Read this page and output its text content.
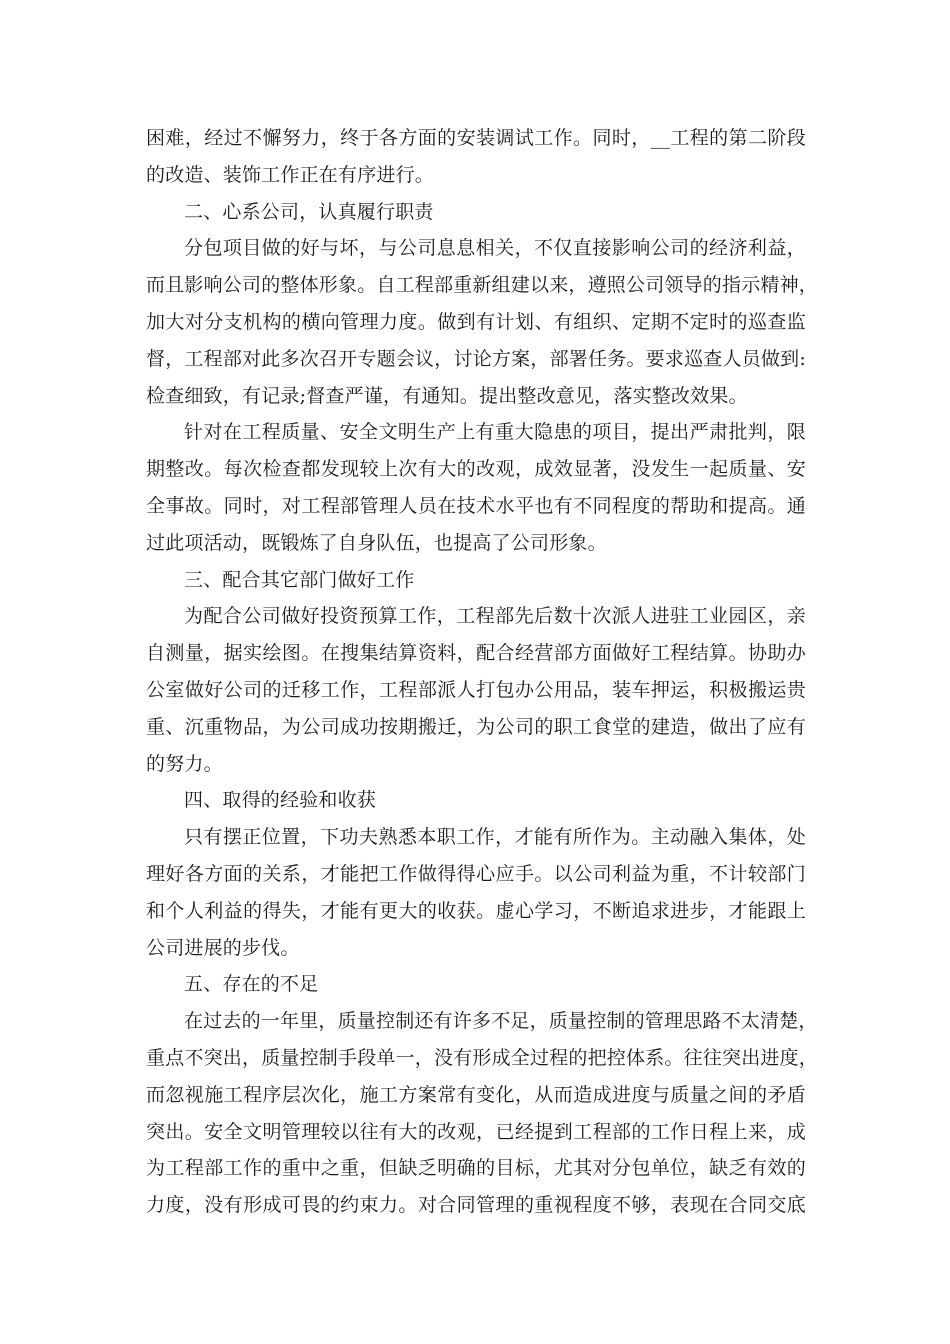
困难，经过不懈努力，终于各方面的安装调试工作。同时，__工程的第二阶段
的改造、装饰工作正在有序进行。
二、心系公司，认真履行职责
分包项目做的好与坏，与公司息息相关，不仅直接影响公司的经济利益，
而且影响公司的整体形象。自工程部重新组建以来，遵照公司领导的指示精神，
加大对分支机构的横向管理力度。做到有计划、有组织、定期不定时的巡查监
督，工程部对此多次召开专题会议，讨论方案，部署任务。要求巡查人员做到:
检查细致，有记录;督查严谨，有通知。提出整改意见，落实整改效果。
针对在工程质量、安全文明生产上有重大隐患的项目，提出严肃批判，限
期整改。每次检查都发现较上次有大的改观，成效显著，没发生一起质量、安
全事故。同时，对工程部管理人员在技术水平也有不同程度的帮助和提高。通
过此项活动，既锻炼了自身队伍，也提高了公司形象。
三、配合其它部门做好工作
为配合公司做好投资预算工作，工程部先后数十次派人进驻工业园区，亲
自测量，据实绘图。在搜集结算资料，配合经营部方面做好工程结算。协助办
公室做好公司的迁移工作，工程部派人打包办公用品，装车押运，积极搬运贵
重、沉重物品，为公司成功按期搬迁，为公司的职工食堂的建造，做出了应有
的努力。
四、取得的经验和收获
只有摆正位置，下功夫熟悉本职工作，才能有所作为。主动融入集体，处
理好各方面的关系，才能把工作做得得心应手。以公司利益为重，不计较部门
和个人利益的得失，才能有更大的收获。虚心学习，不断追求进步，才能跟上
公司进展的步伐。
五、存在的不足
在过去的一年里，质量控制还有许多不足，质量控制的管理思路不太清楚，
重点不突出，质量控制手段单一，没有形成全过程的把控体系。往往突出进度，
而忽视施工程序层次化，施工方案常有变化，从而造成进度与质量之间的矛盾
突出。安全文明管理较以往有大的改观，已经提到工程部的工作日程上来，成
为工程部工作的重中之重，但缺乏明确的目标，尤其对分包单位，缺乏有效的
力度，没有形成可畏的约束力。对合同管理的重视程度不够，表现在合同交底
